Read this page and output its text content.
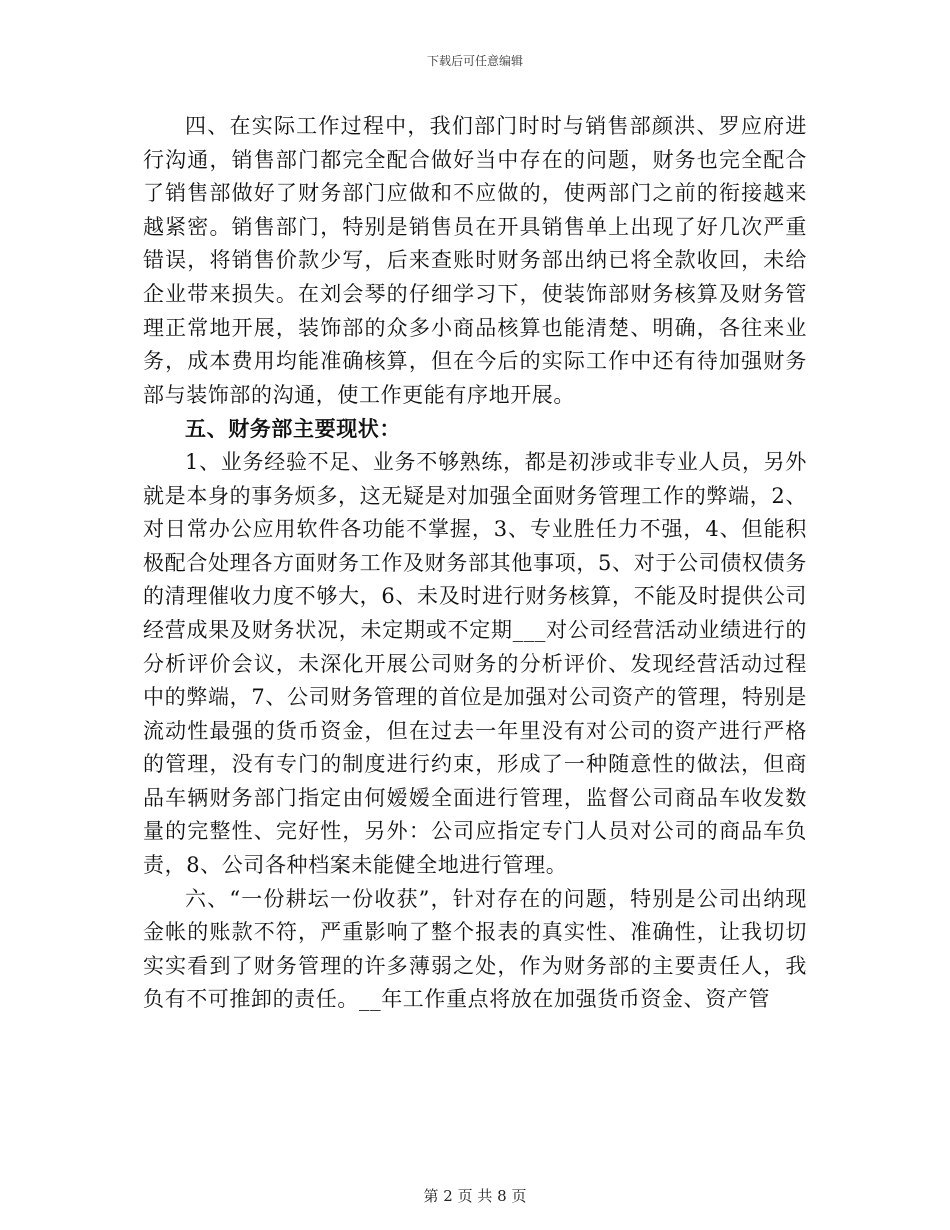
下载后可任意编辑

四、在实际工作过程中，我们部门时时与销售部颜洪、罗应府进行沟通，销售部门都完全配合做好当中存在的问题，财务也完全配合了销售部做好了财务部门应做和不应做的，使两部门之前的衔接越来越紧密。销售部门，特别是销售员在开具销售单上出现了好几次严重错误，将销售价款少写，后来查账时财务部出纳已将全款收回，未给企业带来损失。在刘会琴的仔细学习下，使装饰部财务核算及财务管理正常地开展，装饰部的众多小商品核算也能清楚、明确，各往来业务，成本费用均能准确核算，但在今后的实际工作中还有待加强财务部与装饰部的沟通，使工作更能有序地开展。

五、财务部主要现状：

1、业务经验不足、业务不够熟练，都是初涉或非专业人员，另外就是本身的事务烦多，这无疑是对加强全面财务管理工作的弊端，2、对日常办公应用软件各功能不掌握，3、专业胜任力不强，4、但能积极配合处理各方面财务工作及财务部其他事项，5、对于公司债权债务的清理催收力度不够大，6、未及时进行财务核算，不能及时提供公司经营成果及财务状况，未定期或不定期___对公司经营活动业绩进行的分析评价会议，未深化开展公司财务的分析评价、发现经营活动过程中的弊端，7、公司财务管理的首位是加强对公司资产的管理，特别是流动性最强的货币资金，但在过去一年里没有对公司的资产进行严格的管理，没有专门的制度进行约束，形成了一种随意性的做法，但商品车辆财务部门指定由何嫒嫒全面进行管理，监督公司商品车收发数量的完整性、完好性，另外：公司应指定专门人员对公司的商品车负责，8、公司各种档案未能健全地进行管理。

六、“一份耕坛一份收获”，针对存在的问题，特别是公司出纳现金帐的账款不符，严重影响了整个报表的真实性、准确性，让我切切实实看到了财务管理的许多薄弱之处，作为财务部的主要责任人，我负有不可推卸的责任。__年工作重点将放在加强货币资金、资产管

第 2 页 共 8 页
